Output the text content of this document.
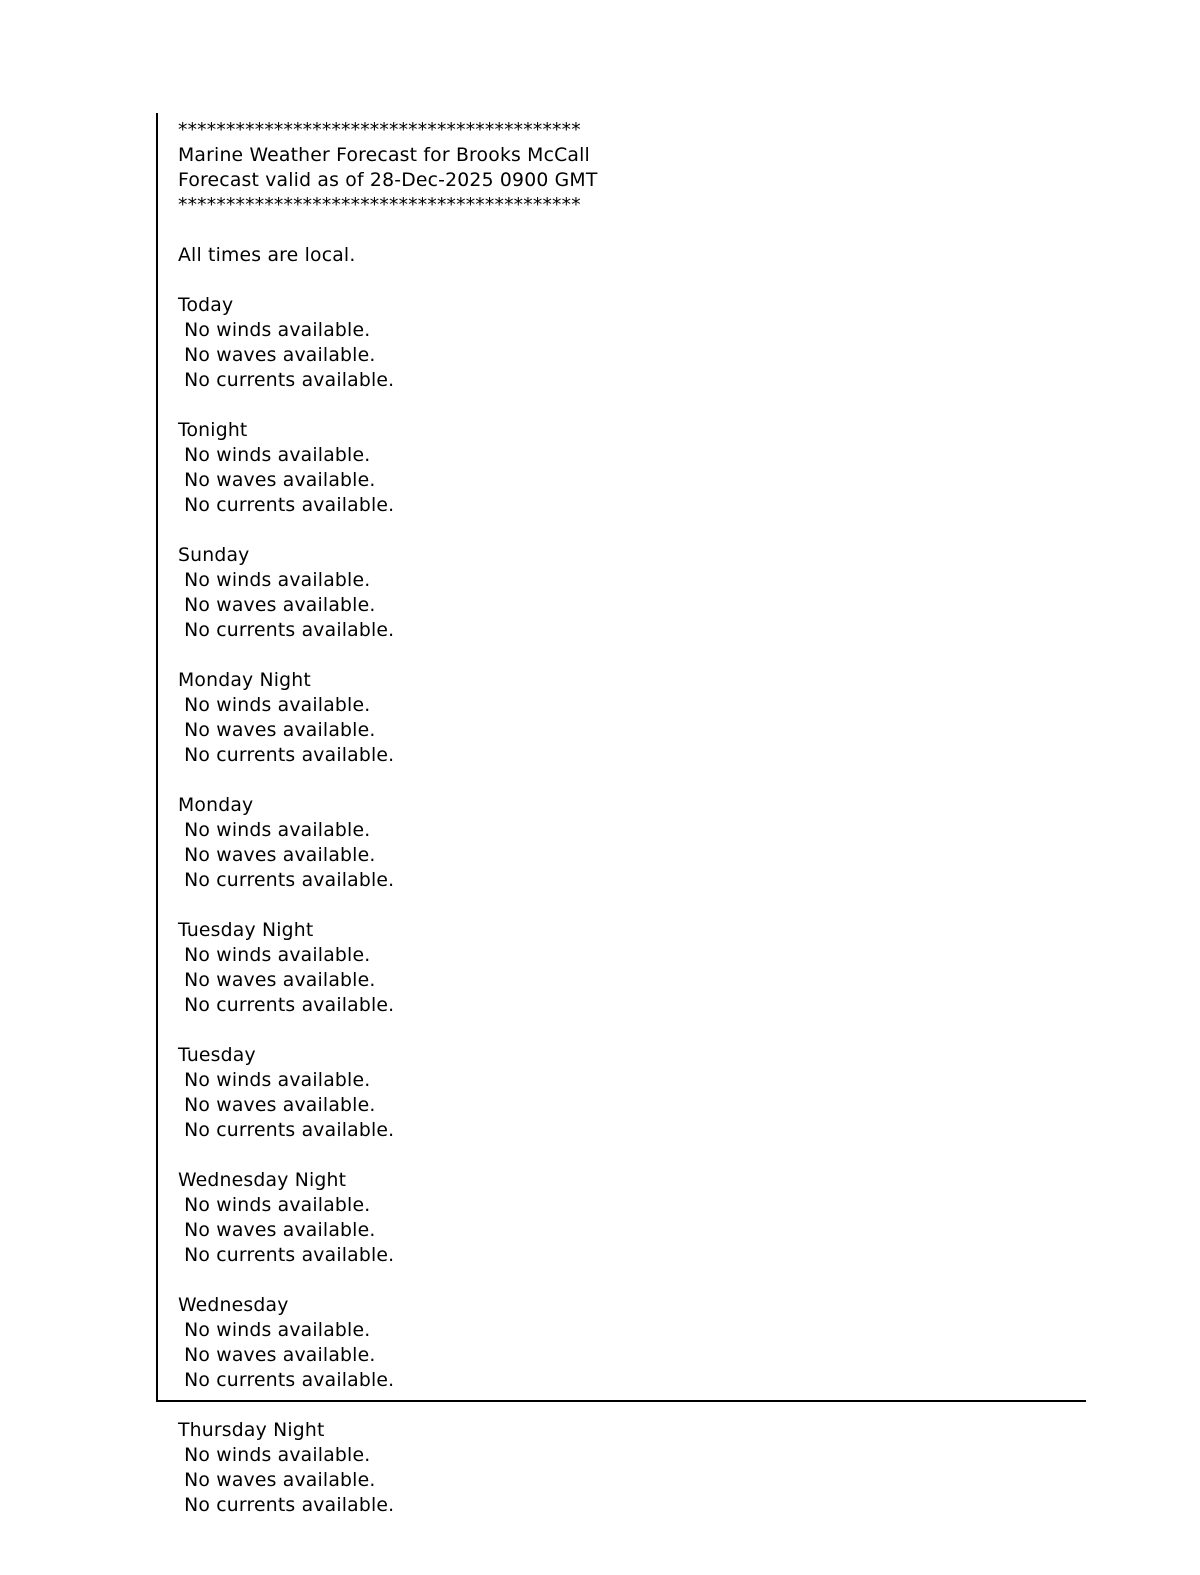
******************************************
Marine Weather Forecast for Brooks McCall
Forecast valid as of 28-Dec-2025 0900 GMT
******************************************
All times are local.
Today
No winds available.
No waves available.
No currents available.
Tonight
No winds available.
No waves available.
No currents available.
Sunday
No winds available.
No waves available.
No currents available.
Monday Night
No winds available.
No waves available.
No currents available.
Monday
No winds available.
No waves available.
No currents available.
Tuesday Night
No winds available.
No waves available.
No currents available.
Tuesday
No winds available.
No waves available.
No currents available.
Wednesday Night
No winds available.
No waves available.
No currents available.
Wednesday
No winds available.
No waves available.
No currents available.
Thursday Night
No winds available.
No waves available.
No currents available.
